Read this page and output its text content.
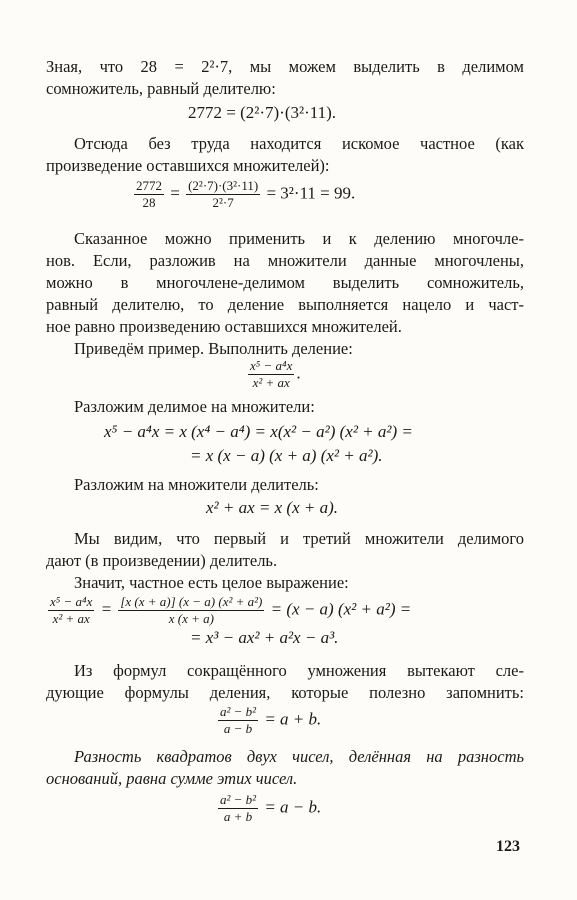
Зная, что 28 = 2²·7, мы можем выделить в делимом
сомножитель, равный делителю:
2772 = (2²·7)·(3²·11).
Отсюда без труда находится искомое частное (как
произведение оставшихся множителей):
$\frac{2772}{28} = \frac{\text{(2²·7)·(3²·11)}}{\text{2²·7}} = 3^2\cdot 11 = 99$.
Сказанное можно применить и к делению многочле-
нов. Если, разложив на множители данные многочлены,
можно в многочлене-делимом выделить сомножитель,
равный делителю, то деление выполняется нацело и част-
ное равно произведению оставшихся множителей.
Приведём пример. Выполнить деление:
$\frac{\text{x⁵ − a⁴x}}{\text{x² + ax}}$ .
Разложим делимое на множители:
x⁵ − a⁴x = x (x⁴ − a⁴) = x(x² − a²) (x² + a²) =
= x (x − a) (x + a) (x² + a²).
Разложим на множители делитель:
x² + ax = x (x + a).
Мы видим, что первый и третий множители делимого
дают (в произведении) делитель.
Значит, частное есть целое выражение:
$\frac{\text{x⁵ − a⁴x}}{\text{x² + ax}} = \frac{\text{[x (x + a)] (x − a) (x² + a²)}}{x (x + a)} = (x - a) (x^2 + a^2)$ =
= x³ − ax² + a²x − a³.
Из формул сокращённого умножения вытекают сле-
дующие формулы деления, которые полезно запомнить:
$\frac{\text{a² − b²}}{a - b} = a + b$.
Разность квадратов двух чисел, делённая на разность
оснований, равна сумме этих чисел.
$\frac{\text{a² − b²}}{a + b} = a - b$.
123
